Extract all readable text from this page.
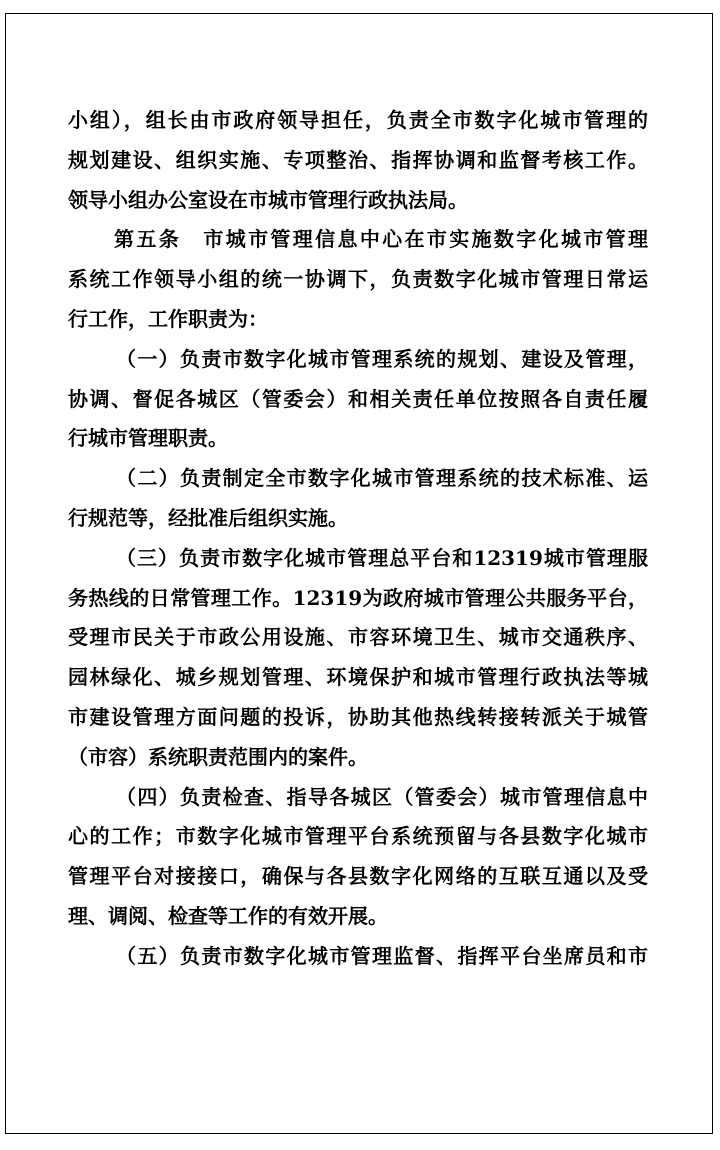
小组），组长由市政府领导担任，负责全市数字化城市管理的
规划建设、组织实施、专项整治、指挥协调和监督考核工作。
领导小组办公室设在市城市管理行政执法局。
第五条　市城市管理信息中心在市实施数字化城市管理
系统工作领导小组的统一协调下，负责数字化城市管理日常运
行工作，工作职责为：
（一）负责市数字化城市管理系统的规划、建设及管理，
协调、督促各城区（管委会）和相关责任单位按照各自责任履
行城市管理职责。
（二）负责制定全市数字化城市管理系统的技术标准、运
行规范等，经批准后组织实施。
（三）负责市数字化城市管理总平台和12319城市管理服
务热线的日常管理工作。12319为政府城市管理公共服务平台，
受理市民关于市政公用设施、市容环境卫生、城市交通秩序、
园林绿化、城乡规划管理、环境保护和城市管理行政执法等城
市建设管理方面问题的投诉，协助其他热线转接转派关于城管
（市容）系统职责范围内的案件。
（四）负责检查、指导各城区（管委会）城市管理信息中
心的工作；市数字化城市管理平台系统预留与各县数字化城市
管理平台对接接口，确保与各县数字化网络的互联互通以及受
理、调阅、检查等工作的有效开展。
（五）负责市数字化城市管理监督、指挥平台坐席员和市
